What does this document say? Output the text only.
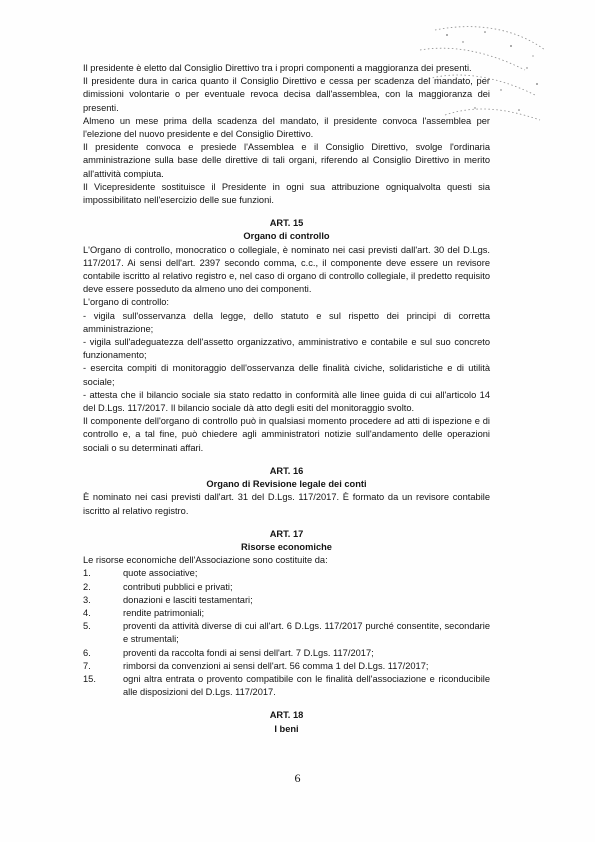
Il presidente è eletto dal Consiglio Direttivo tra i propri componenti a maggioranza dei presenti.

Il presidente dura in carica quanto il Consiglio Direttivo e cessa per scadenza del mandato, per dimissioni volontarie o per eventuale revoca decisa dall'assemblea, con la maggioranza dei presenti.

Almeno un mese prima della scadenza del mandato, il presidente convoca l'assemblea per l'elezione del nuovo presidente e del Consiglio Direttivo.

Il presidente convoca e presiede l'Assemblea e il Consiglio Direttivo, svolge l'ordinaria amministrazione sulla base delle direttive di tali organi, riferendo al Consiglio Direttivo in merito all'attività compiuta.

Il Vicepresidente sostituisce il Presidente in ogni sua attribuzione ogniqualvolta questi sia impossibilitato nell'esercizio delle sue funzioni.

ART. 15

Organo di controllo

L'Organo di controllo, monocratico o collegiale, è nominato nei casi previsti dall'art. 30 del D.Lgs. 117/2017. Ai sensi dell'art. 2397 secondo comma, c.c., il componente deve essere un revisore contabile iscritto al relativo registro e, nel caso di organo di controllo collegiale, il predetto requisito deve essere posseduto da almeno uno dei componenti.

L'organo di controllo:

- vigila sull'osservanza della legge, dello statuto e sul rispetto dei principi di corretta amministrazione;

- vigila sull'adeguatezza dell'assetto organizzativo, amministrativo e contabile e sul suo concreto funzionamento;

- esercita compiti di monitoraggio dell'osservanza delle finalità civiche, solidaristiche e di utilità sociale;

- attesta che il bilancio sociale sia stato redatto in conformità alle linee guida di cui all'articolo 14 del D.Lgs. 117/2017. Il bilancio sociale dà atto degli esiti del monitoraggio svolto.

Il componente dell'organo di controllo può in qualsiasi momento procedere ad atti di ispezione e di controllo e, a tal fine, può chiedere agli amministratori notizie sull'andamento delle operazioni sociali o su determinati affari.

ART. 16

Organo di Revisione legale dei conti

È nominato nei casi previsti dall'art. 31 del D.Lgs. 117/2017. È formato da un revisore contabile iscritto al relativo registro.

ART. 17

Risorse economiche

Le risorse economiche dell'Associazione sono costituite da:

1.	quote associative;
2.	contributi pubblici e privati;
3.	donazioni e lasciti testamentari;
4.	rendite patrimoniali;
5.	proventi da attività diverse di cui all'art. 6 D.Lgs. 117/2017 purché consentite, secondarie e strumentali;
6.	proventi da raccolta fondi ai sensi dell'art. 7 D.Lgs. 117/2017;
7.	rimborsi da convenzioni ai sensi dell'art. 56 comma 1 del D.Lgs. 117/2017;
15.	ogni altra entrata o provento compatibile con le finalità dell'associazione e riconducibile alle disposizioni del D.Lgs. 117/2017.

ART. 18

I beni

6
